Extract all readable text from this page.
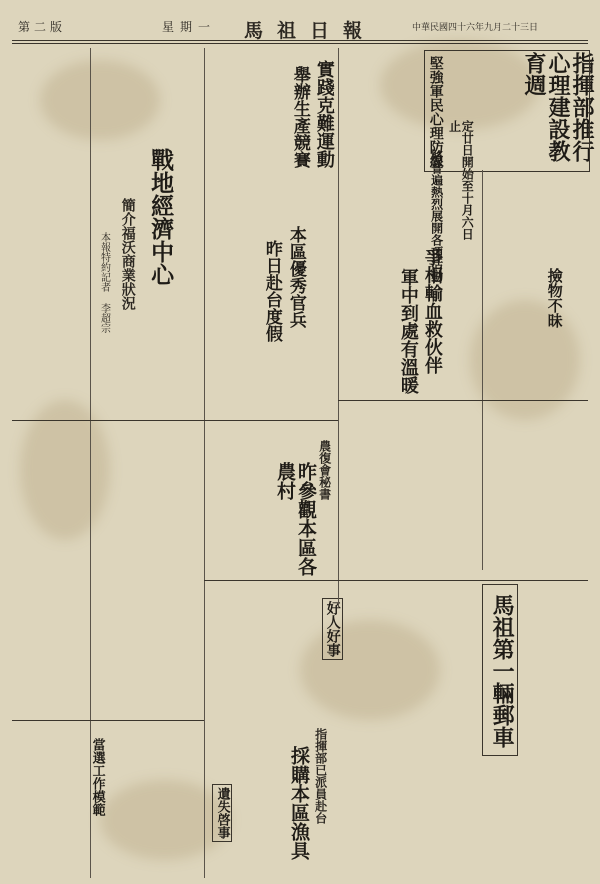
第二版	星期一	中華民國四十六年九月二十三日
馬祖日報
堅強軍民心理防線	指揮部推行心理建設教育週
定廿日開始至十月六日止
將普遍熱烈展開各項活動
實踐克難運動
舉辦生產競賽
本區優秀官兵
昨日赴台度假
戰地經濟中心
簡介福沃商業狀況
本報特約記者 李超宗	爭相輸血救伙伴
軍中到處有溫暖	撿物不昧
農復會秘書
昨參觀本區各農村
馬祖第一輛郵車
好人好事
指揮部已派員赴台
採購本區漁具
遺失啓事
當選工作模範
